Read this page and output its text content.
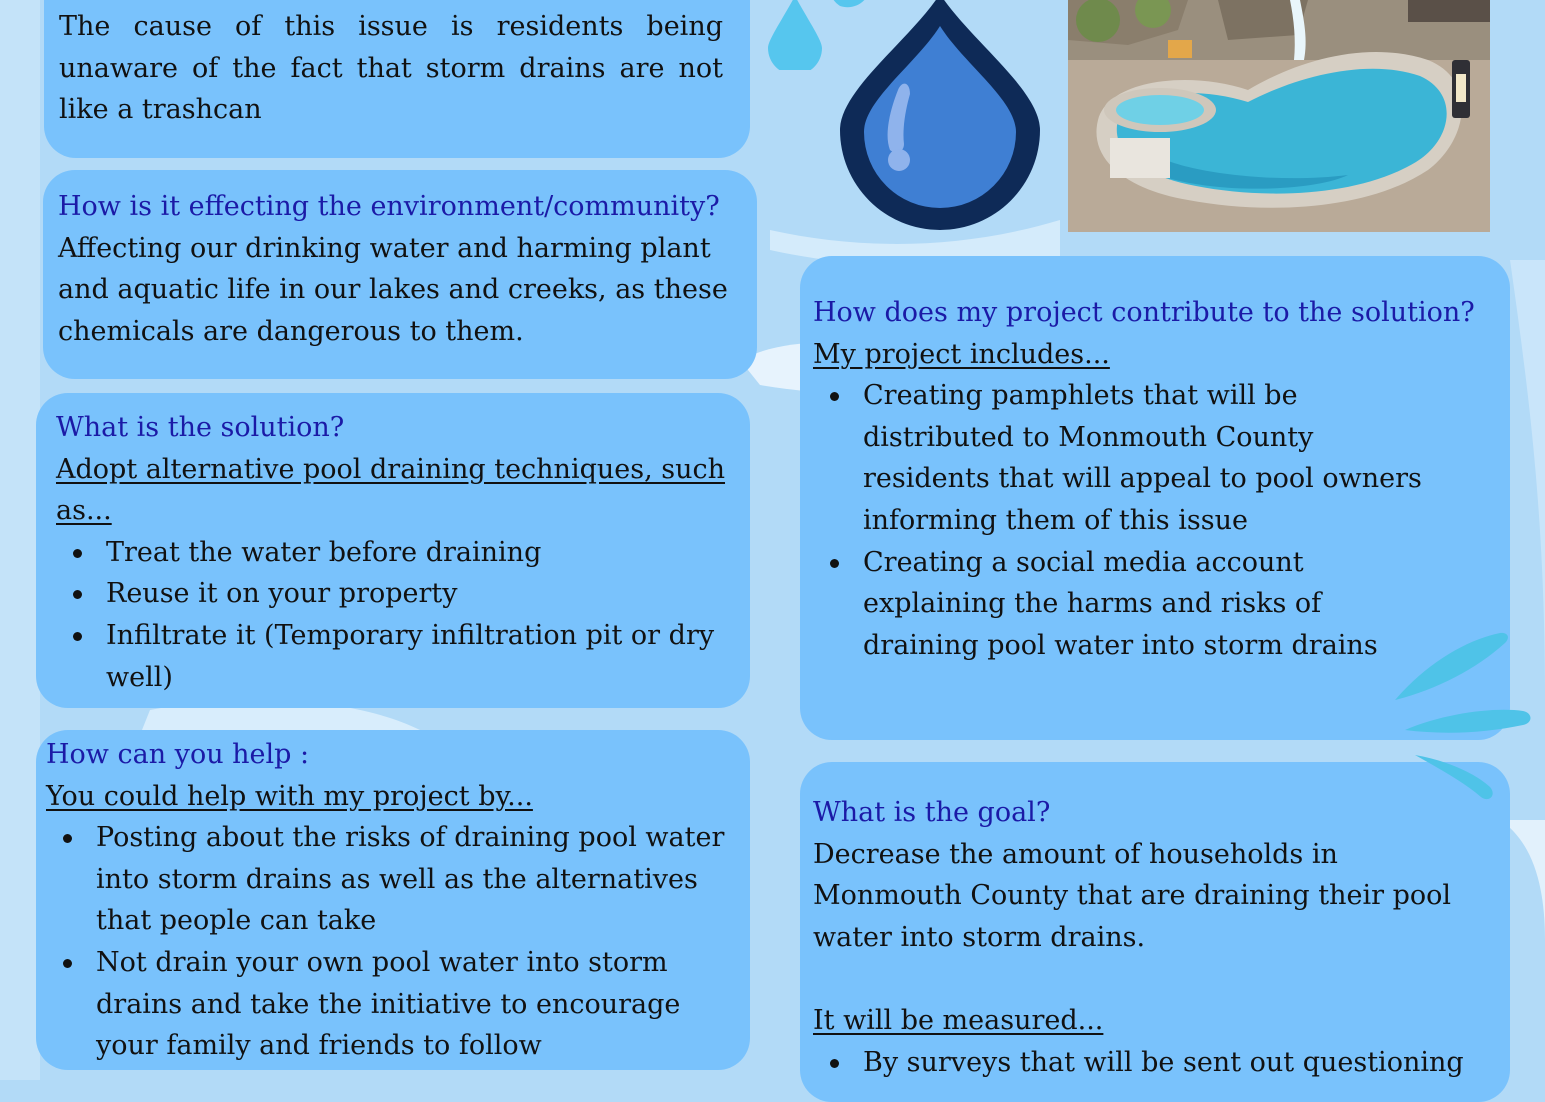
The cause of this issue is residents being unaware of the fact that storm drains are not like a trashcan
How is it effecting the environment/community?
Affecting our drinking water and harming plant and aquatic life in our lakes and creeks, as these chemicals are dangerous to them.
What is the solution?
Adopt alternative pool draining techniques, such as...
Treat the water before draining
Reuse it on your property
Infiltrate it (Temporary infiltration pit or dry well)
How can you help :
You could help with my project by...
Posting about the risks of draining pool water into storm drains as well as the alternatives that people can take
Not drain your own pool water into storm drains and take the initiative to encourage your family and friends to follow
How does my project contribute to the solution?
My project includes...
Creating pamphlets that will be distributed to Monmouth County residents that will appeal to pool owners informing them of this issue
Creating a social media account explaining the harms and risks of draining pool water into storm drains
What is the goal?
Decrease the amount of households in Monmouth County that are draining their pool water into storm drains.
It will be measured...
By surveys that will be sent out questioning
